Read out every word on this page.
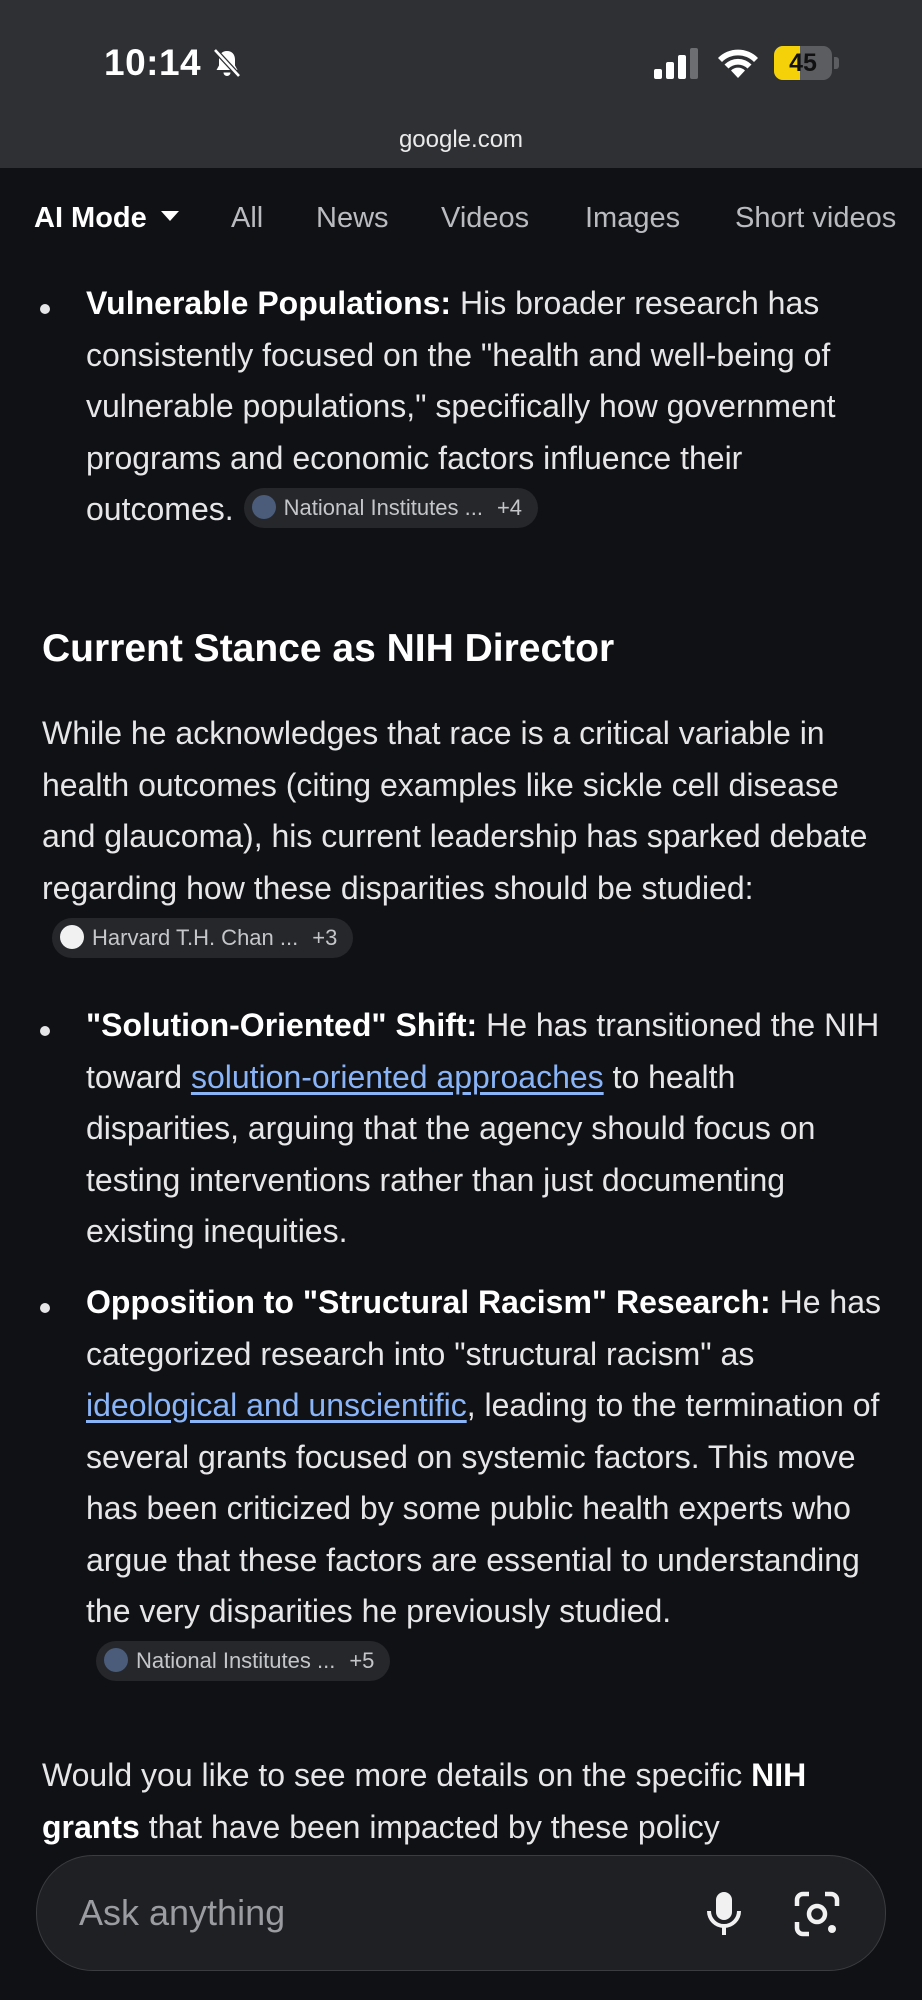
10:14	45
google.com
AI Mode	All News Videos Images Short videos
Vulnerable Populations: His broader research has consistently focused on the "health and well-being of vulnerable populations," specifically how government programs and economic factors influence their outcomes. National Institutes ... +4
Current Stance as NIH Director
While he acknowledges that race is a critical variable in health outcomes (citing examples like sickle cell disease and glaucoma), his current leadership has sparked debate regarding how these disparities should be studied:Harvard T.H. Chan ... +3
"Solution-Oriented" Shift: He has transitioned the NIH toward solution-oriented approaches to health disparities, arguing that the agency should focus on testing interventions rather than just documenting existing inequities.
Opposition to "Structural Racism" Research: He has categorized research into "structural racism" as ideological and unscientific, leading to the termination of several grants focused on systemic factors. This move has been criticized by some public health experts who argue that these factors are essential to understanding the very disparities he previously studied.National Institutes ... +5
Would you like to see more details on the specific NIH grants that have been impacted by these policy
Ask anything
